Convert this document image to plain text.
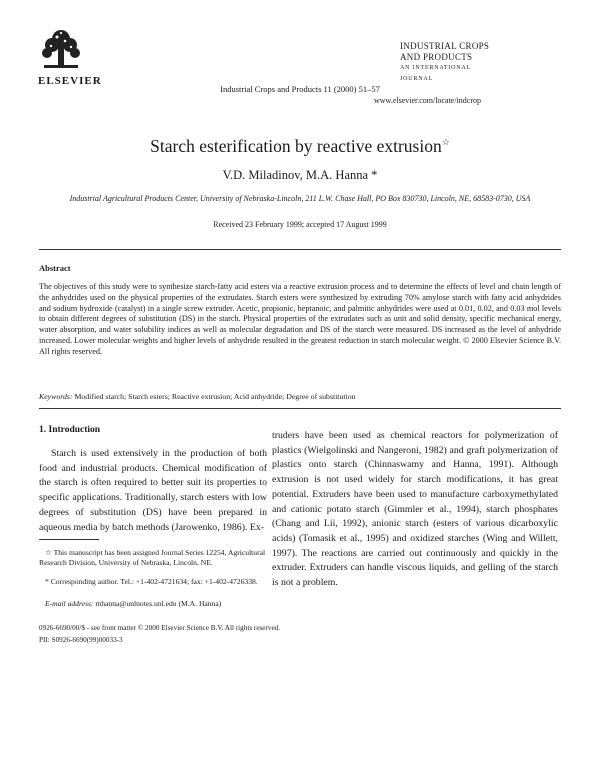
ELSEVIER
Industrial Crops and Products 11 (2000) 51–57
INDUSTRIAL CROPS
AND PRODUCTS
AN INTERNATIONAL JOURNAL
www.elsevier.com/locate/indcrop
Starch esterification by reactive extrusion☆
V.D. Miladinov, M.A. Hanna *
Industrial Agricultural Products Center, University of Nebraska-Lincoln, 211 L.W. Chase Hall, PO Box 830730, Lincoln, NE, 68583-0730, USA
Received 23 February 1999; accepted 17 August 1999
Abstract
The objectives of this study were to synthesize starch-fatty acid esters via a reactive extrusion process and to determine the effects of level and chain length of the anhydrides used on the physical properties of the extrudates. Starch esters were synthesized by extruding 70% amylose starch with fatty acid anhydrides and sodium hydroxide (catalyst) in a single screw extruder. Acetic, propionic, heptanoic, and palmitic anhydrides were used at 0.01, 0.02, and 0.03 mol levels to obtain different degrees of substitution (DS) in the starch. Physical properties of the extrudates such as unit and solid density, specific mechanical energy, water absorption, and water solubility indices as well as molecular degradation and DS of the starch were measured. DS increased as the level of anhydride increased. Lower molecular weights and higher levels of anhydride resulted in the greatest reduction in starch molecular weight. © 2000 Elsevier Science B.V. All rights reserved.
Keywords: Modified starch; Starch esters; Reactive extrusion; Acid anhydride; Degree of substitution
1. Introduction
Starch is used extensively in the production of both food and industrial products. Chemical modification of the starch is often required to better suit its properties to specific applications. Traditionally, starch esters with low degrees of substitution (DS) have been prepared in aqueous media by batch methods (Jarowenko, 1986). Ex-
truders have been used as chemical reactors for polymerization of plastics (Wielgolinski and Nangeroni, 1982) and graft polymerization of plastics onto starch (Chinnaswamy and Hanna, 1991). Although extrusion is not used widely for starch modifications, it has great potential. Extruders have been used to manufacture carboxymethylated and cationic potato starch (Gimmler et al., 1994), starch phosphates (Chang and Lii, 1992), anionic starch (esters of various dicarboxylic acids) (Tomasik et al., 1995) and oxidized starches (Wing and Willett, 1997). The reactions are carried out continuously and quickly in the extruder. Extruders can handle viscous liquids, and gelling of the starch is not a problem.
☆ This manuscript has been assigned Journal Series 12254, Agricultural Research Division, University of Nebraska, Lincoln, NE.
* Corresponding author. Tel.: +1-402-4721634; fax: +1-402-4726338.
E-mail address: mhanna@unlnotes.unl.edu (M.A. Hanna)
0926-6690/00/$ - see front matter © 2000 Elsevier Science B.V. All rights reserved.
PII: S0926-6690(99)00033-3
